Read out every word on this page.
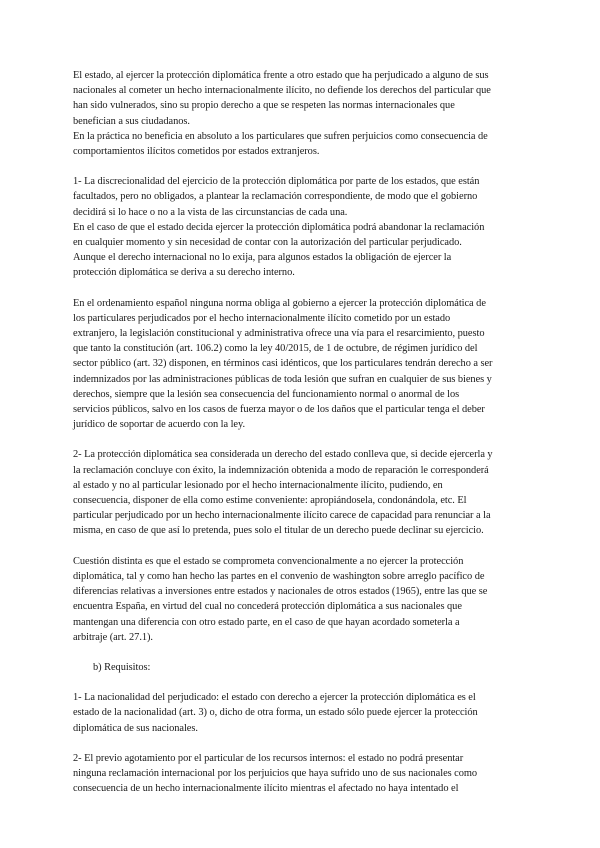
El estado, al ejercer la protección diplomática frente a otro estado que ha perjudicado a alguno de sus
nacionales al cometer un hecho internacionalmente ilícito, no defiende los derechos del particular que
han sido vulnerados, sino su propio derecho a que se respeten las normas internacionales que
benefician a sus ciudadanos.
En la práctica no beneficia en absoluto a los particulares que sufren perjuicios como consecuencia de
comportamientos ilícitos cometidos por estados extranjeros.

1- La discrecionalidad del ejercicio de la protección diplomática por parte de los estados, que están
facultados, pero no obligados, a plantear la reclamación correspondiente, de modo que el gobierno
decidirá si lo hace o no a la vista de las circunstancias de cada una.
En el caso de que el estado decida ejercer la protección diplomática podrá abandonar la reclamación
en cualquier momento y sin necesidad de contar con la autorización del particular perjudicado.
Aunque el derecho internacional no lo exija, para algunos estados la obligación de ejercer la
protección diplomática se deriva a su derecho interno.

En el ordenamiento español ninguna norma obliga al gobierno a ejercer la protección diplomática de
los particulares perjudicados por el hecho internacionalmente ilícito cometido por un estado
extranjero, la legislación constitucional y administrativa ofrece una vía para el resarcimiento, puesto
que tanto la constitución (art. 106.2) como la ley 40/2015, de 1 de octubre, de régimen jurídico del
sector público (art. 32) disponen, en términos casi idénticos, que los particulares tendrán derecho a ser
indemnizados por las administraciones públicas de toda lesión que sufran en cualquier de sus bienes y
derechos, siempre que la lesión sea consecuencia del funcionamiento normal o anormal de los
servicios públicos, salvo en los casos de fuerza mayor o de los daños que el particular tenga el deber
jurídico de soportar de acuerdo con la ley.

2- La protección diplomática sea considerada un derecho del estado conlleva que, si decide ejercerla y
la reclamación concluye con éxito, la indemnización obtenida a modo de reparación le corresponderá
al estado y no al particular lesionado por el hecho internacionalmente ilícito, pudiendo, en
consecuencia, disponer de ella como estime conveniente: apropiándosela, condonándola, etc. El
particular perjudicado por un hecho internacionalmente ilícito carece de capacidad para renunciar a la
misma, en caso de que así lo pretenda, pues solo el titular de un derecho puede declinar su ejercicio.

Cuestión distinta es que el estado se comprometa convencionalmente a no ejercer la protección
diplomática, tal y como han hecho las partes en el convenio de washington sobre arreglo pacífico de
diferencias relativas a inversiones entre estados y nacionales de otros estados (1965), entre las que se
encuentra España, en virtud del cual no concederá protección diplomática a sus nacionales que
mantengan una diferencia con otro estado parte, en el caso de que hayan acordado someterla a
arbitraje (art. 27.1).

b) Requisitos:

1- La nacionalidad del perjudicado: el estado con derecho a ejercer la protección diplomática es el
estado de la nacionalidad (art. 3) o, dicho de otra forma, un estado sólo puede ejercer la protección
diplomática de sus nacionales.

2- El previo agotamiento por el particular de los recursos internos: el estado no podrá presentar
ninguna reclamación internacional por los perjuicios que haya sufrido uno de sus nacionales como
consecuencia de un hecho internacionalmente ilícito mientras el afectado no haya intentado el
